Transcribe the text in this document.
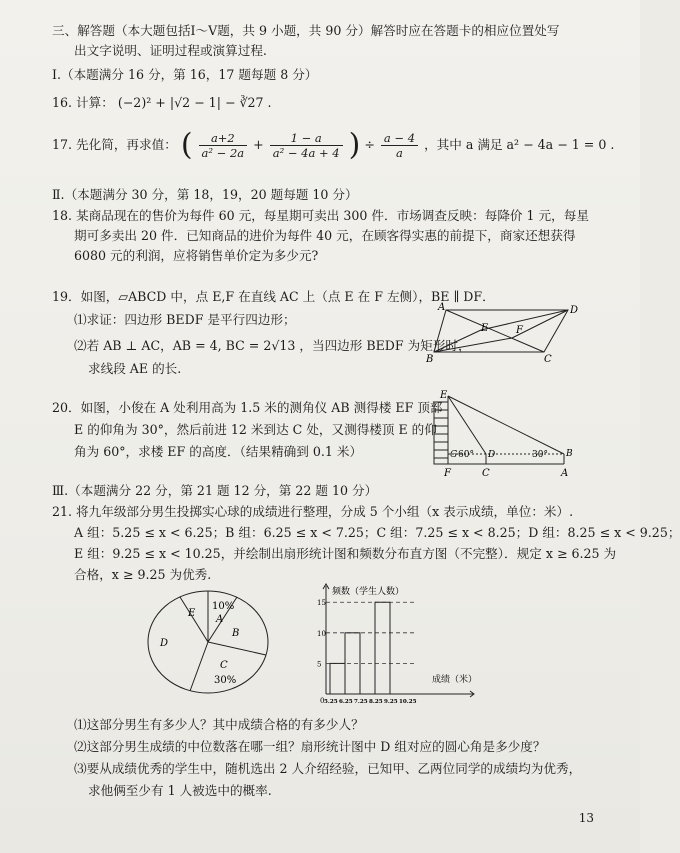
三、解答题（本大题包括Ⅰ～Ⅴ题，共 9 小题，共 90 分）解答时应在答题卡的相应位置处写
出文字说明、证明过程或演算过程.
Ⅰ.（本题满分 16 分，第 16，17 题每题 8 分）
16. 计算： (−2)² + |√2 − 1| − ∛27 .
17. 先化简，再求值： ( $\frac{a+2}{\text{a² − 2a}} + \frac{1 - a}{\text{a² − 4a + 4}}$ ) ÷ $\frac{a - 4}{a}$ ，其中 a 满足 a² − 4a − 1 = 0 .
Ⅱ.（本题满分 30 分，第 18，19，20 题每题 10 分）
18. 某商品现在的售价为每件 60 元，每星期可卖出 300 件．市场调查反映：每降价 1 元，每星
期可多卖出 20 件．已知商品的进价为每件 40 元，在顾客得实惠的前提下，商家还想获得
6080 元的利润，应将销售单价定为多少元?
19．如图，▱ABCD 中，点 E,F 在直线 AC 上（点 E 在 F 左侧），BE ∥ DF．
⑴求证：四边形 BEDF 是平行四边形；
⑵若 AB ⊥ AC，AB = 4, BC = 2√13 ，当四边形 BEDF 为矩形时，
求线段 AE 的长.
A	D
B	C
E	F
20．如图，小俊在 A 处利用高为 1.5 米的测角仪 AB 测得楼 EF 顶部
E 的仰角为 30°，然后前进 12 米到达 C 处，又测得楼顶 E 的仰
角为 60°，求楼 EF 的高度．（结果精确到 0.1 米）
E
G 60° D	30° B
F	C	A
Ⅲ.（本题满分 22 分，第 21 题 12 分，第 22 题 10 分）
21. 将九年级部分男生投掷实心球的成绩进行整理，分成 5 个小组（x 表示成绩，单位：米）.
A 组：5.25 ≤ x < 6.25；B 组：6.25 ≤ x < 7.25；C 组：7.25 ≤ x < 8.25；D 组：8.25 ≤ x < 9.25；
E 组：9.25 ≤ x < 10.25，并绘制出扇形统计图和频数分布直方图（不完整）．规定 x ≥ 6.25 为
合格，x ≥ 9.25 为优秀.
10%
A
B
C
30%
D
E
5
10
15
5.25 6.25 7.25 8.25 9.25 10.25
频数（学生人数）
成绩（米）
0
⑴这部分男生有多少人？其中成绩合格的有多少人？
⑵这部分男生成绩的中位数落在哪一组？扇形统计图中 D 组对应的圆心角是多少度？
⑶要从成绩优秀的学生中，随机选出 2 人介绍经验，已知甲、乙两位同学的成绩均为优秀，
求他俩至少有 1 人被选中的概率.
13
